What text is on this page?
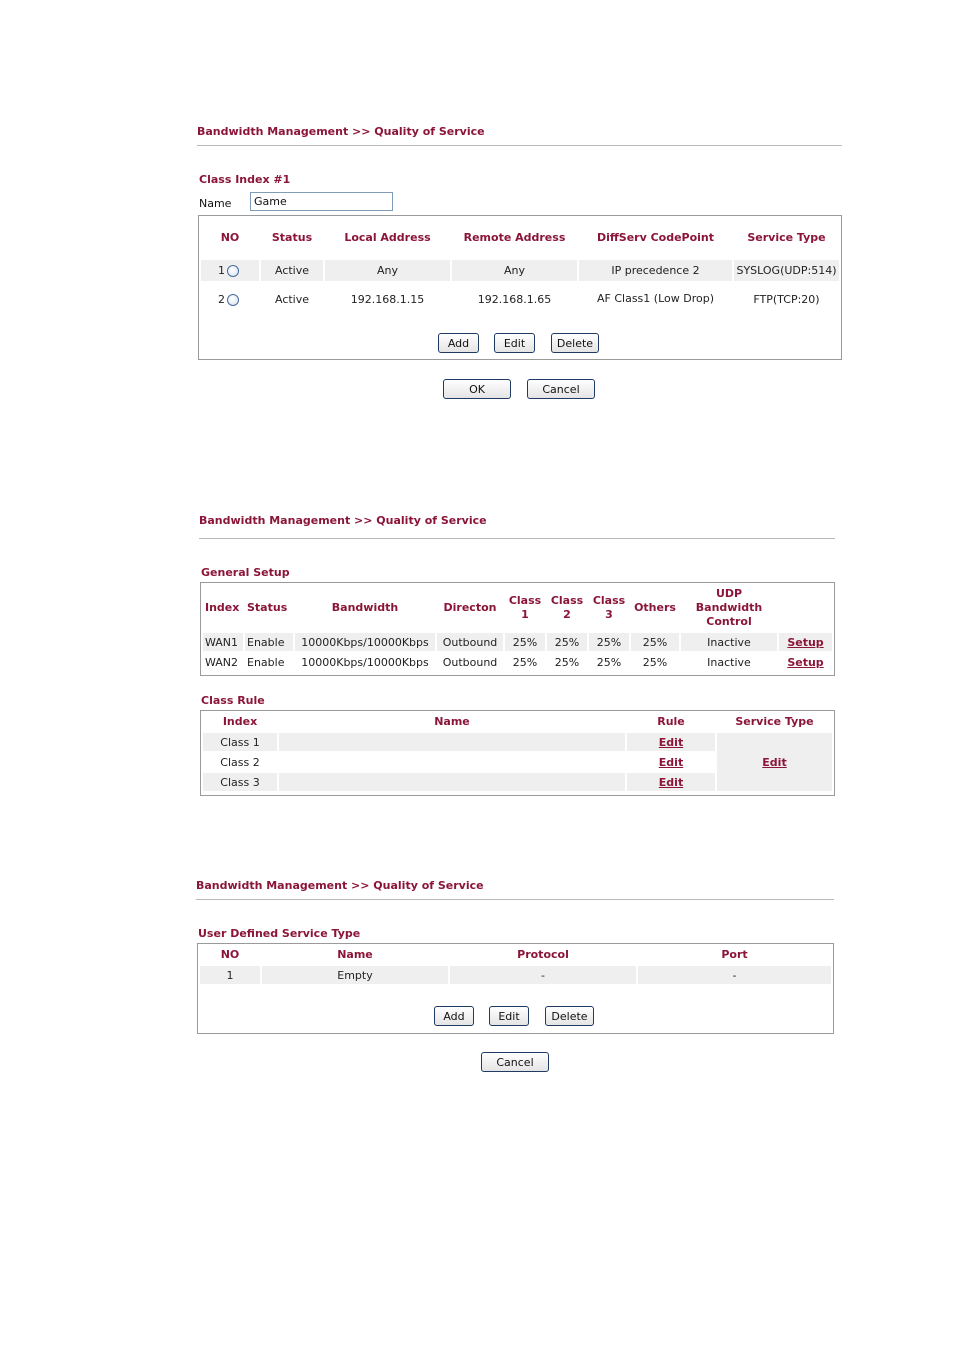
Bandwidth Management >> Quality of Service
Class Index #1
Name
Game
NO	Status	Local Address	Remote Address	DiffServ CodePoint	Service Type
1	Active	Any	Any	IP precedence 2	SYSLOG(UDP:514)
2	Active	192.168.1.15	192.168.1.65	AF Class1 (Low Drop)	FTP(TCP:20)
Add	Edit	Delete
OK	Cancel
Bandwidth Management >> Quality of Service
General Setup
Index	Status	Bandwidth	Directon	Class 1	Class 2	Class 3	Others	UDP Bandwidth Control	
WAN1	Enable	10000Kbps/10000Kbps	Outbound	25%	25%	25%	25%	Inactive	Setup
WAN2	Enable	10000Kbps/10000Kbps	Outbound	25%	25%	25%	25%	Inactive	Setup
Class Rule
Index	Name	Rule	Service Type
Class 1		Edit	Edit
Class 2		Edit	
Class 3		Edit	
Bandwidth Management >> Quality of Service
User Defined Service Type
NO	Name	Protocol	Port
1	Empty	-	-
Add	Edit	Delete
Cancel
